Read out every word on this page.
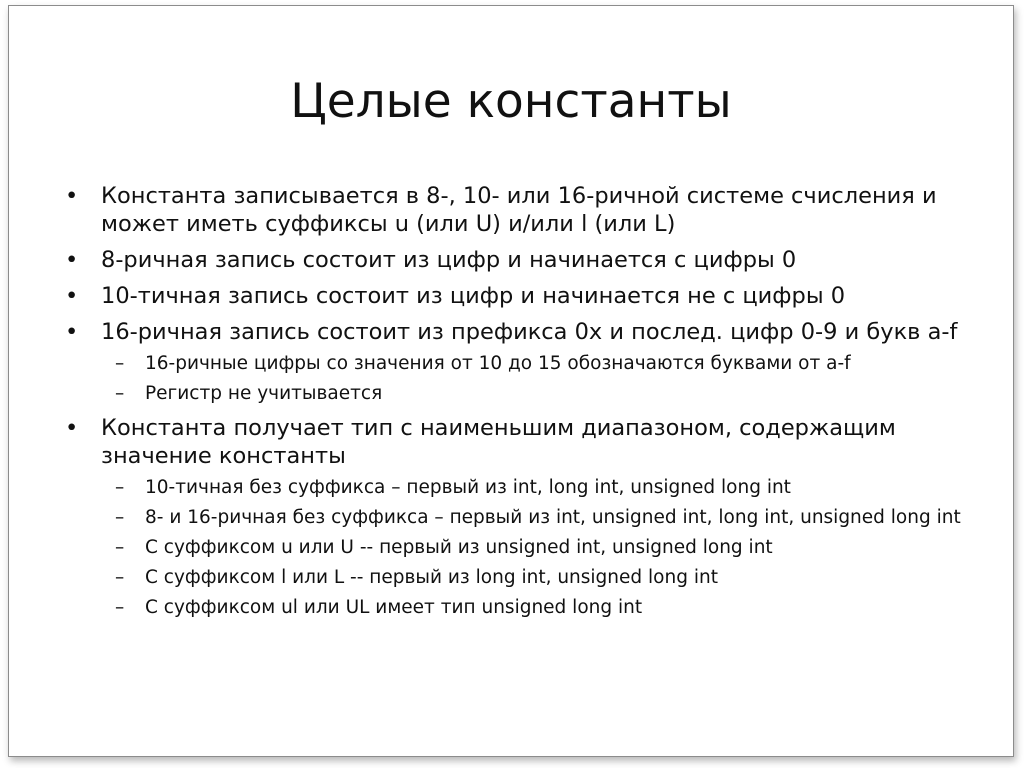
Целые константы
• Константа записывается в 8-, 10- или 16-ричной системе счисления и может иметь суффиксы u (или U) и/или l (или L)
• 8-ричная запись состоит из цифр и начинается с цифры 0
• 10-тичная запись состоит из цифр и начинается не с цифры 0
• 16-ричная запись состоит из префикса 0x и послед. цифр 0-9 и букв a-f
– 16-ричные цифры со значения от 10 до 15 обозначаются буквами от a-f
– Регистр не учитывается
• Константа получает тип с наименьшим диапазоном, содержащим значение константы
– 10-тичная без суффикса – первый из int, long int, unsigned long int
– 8- и 16-ричная без суффикса – первый из int, unsigned int, long int, unsigned long int
– С суффиксом u или U -- первый из unsigned int, unsigned long int
– С суффиксом l или L -- первый из long int, unsigned long int
– С суффиксом ul или UL имеет тип unsigned long int
